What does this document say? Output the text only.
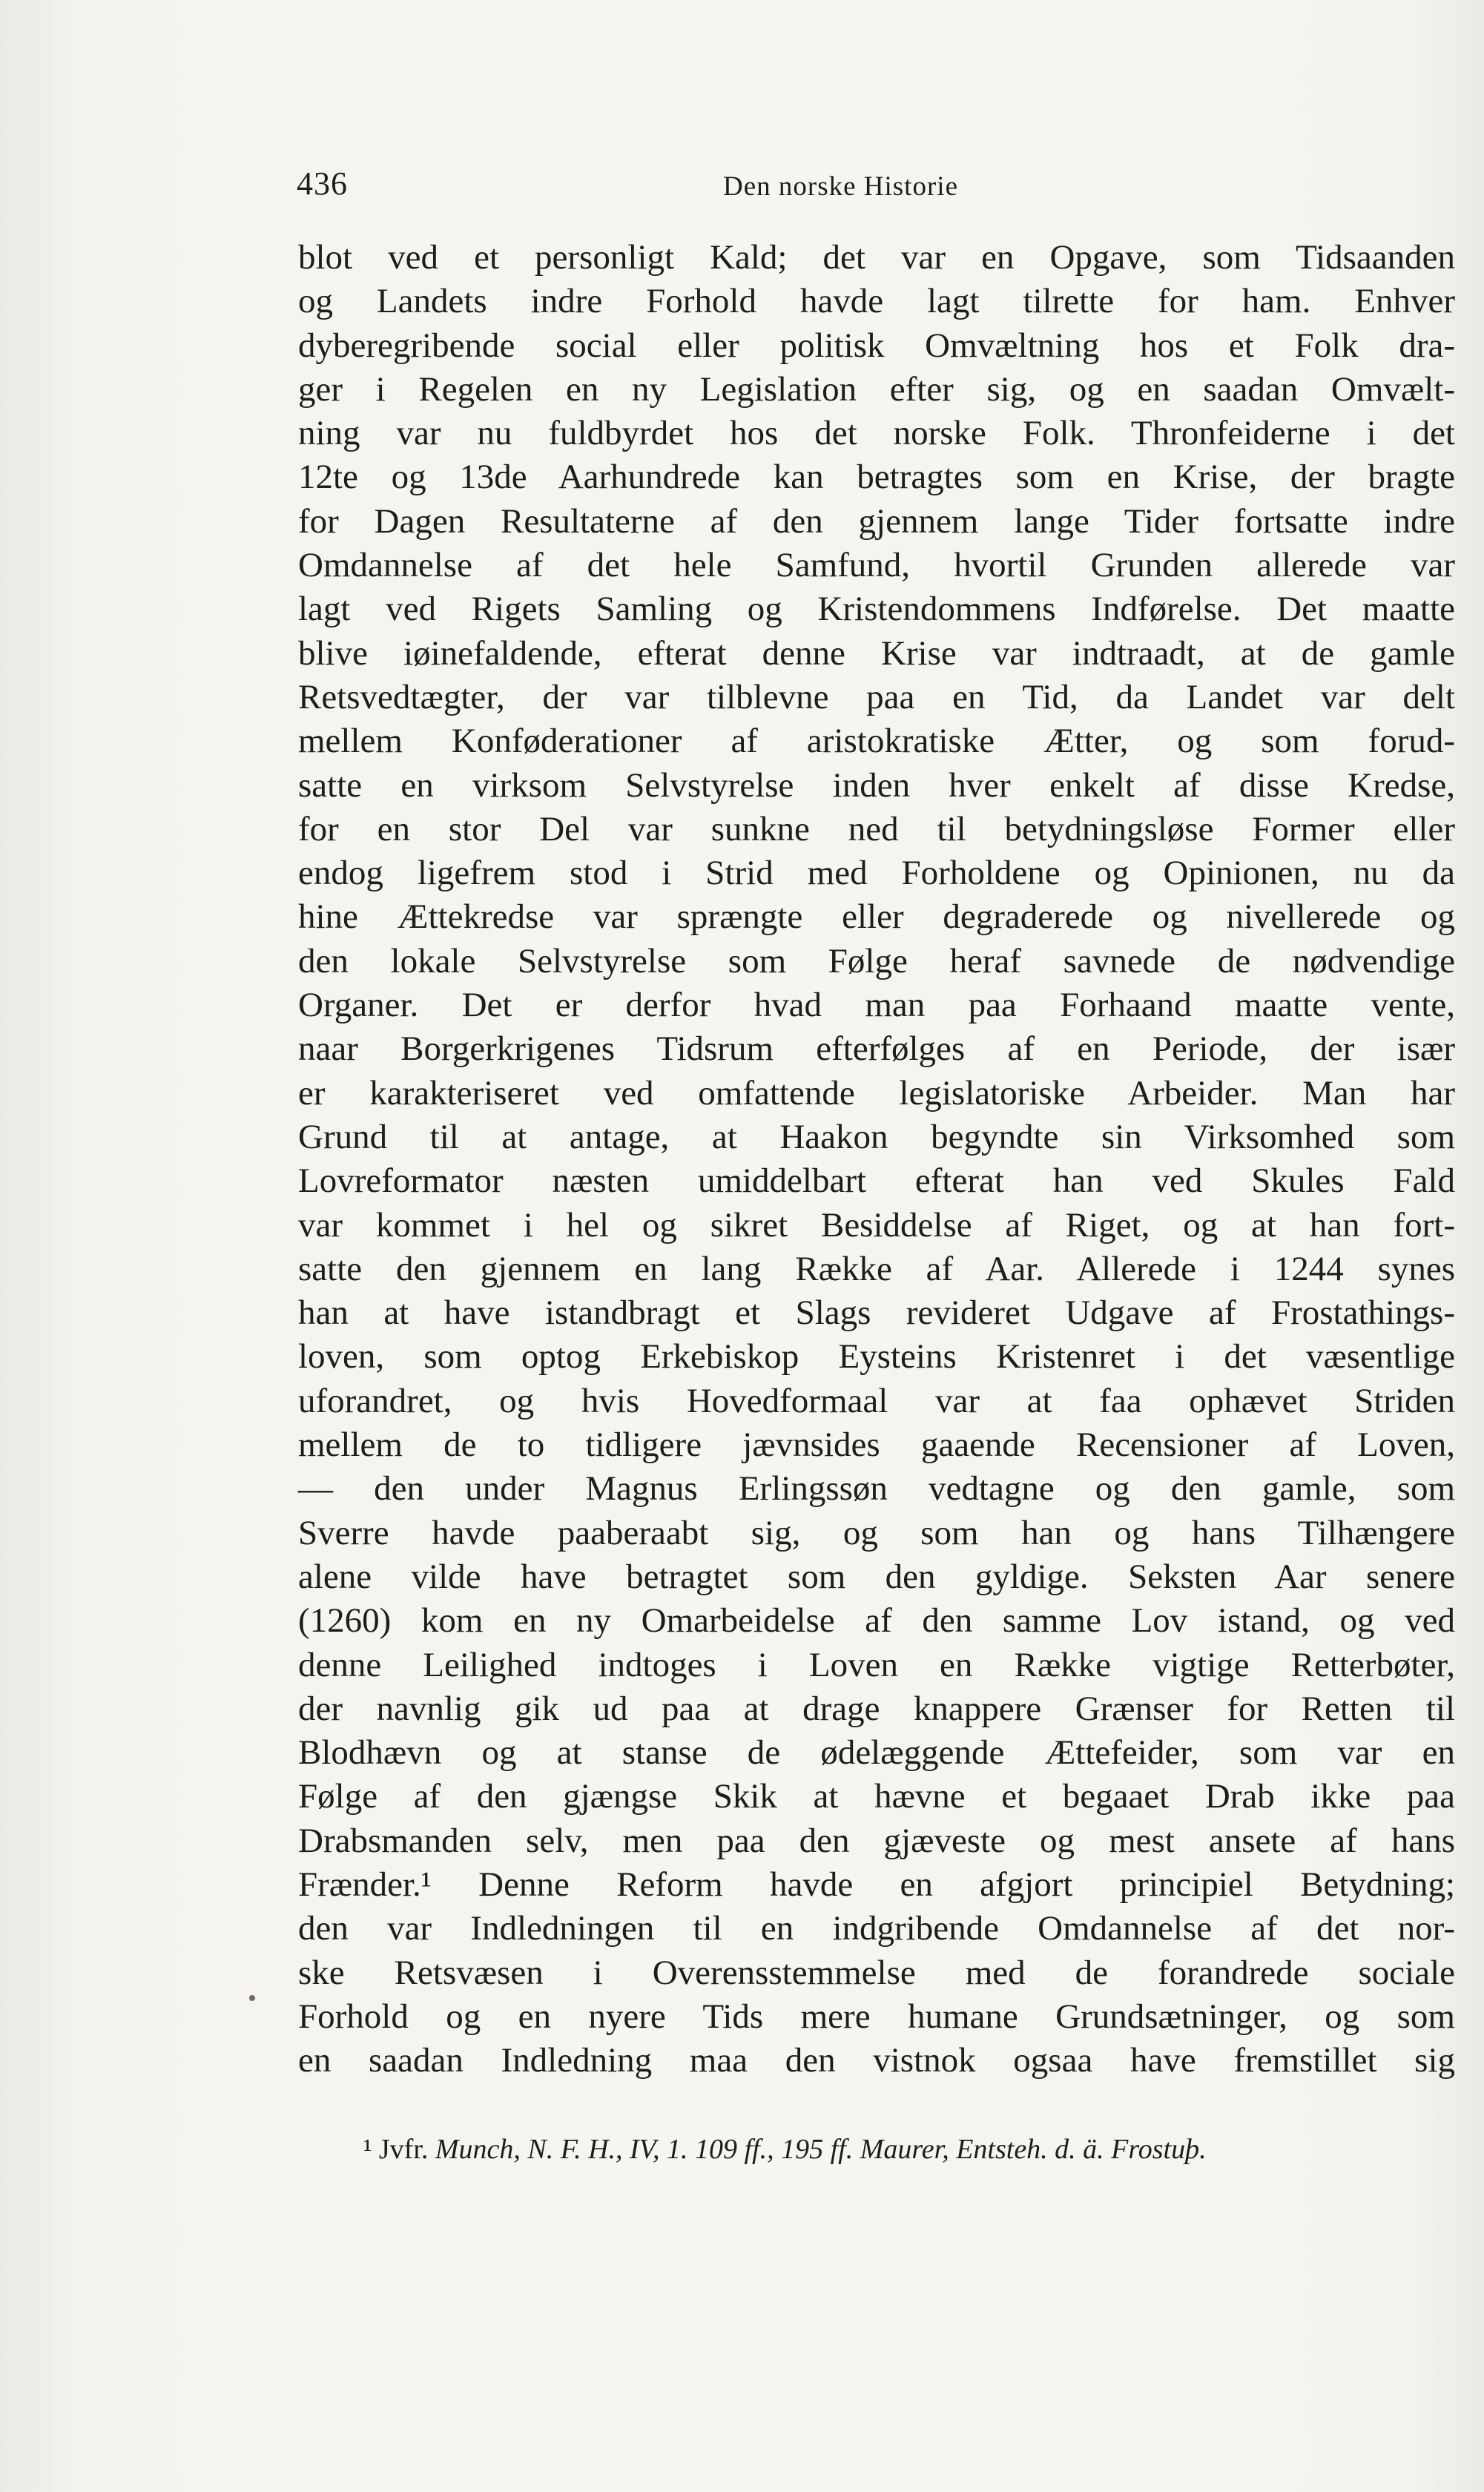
436	Den norske Historie
blot ved et personligt Kald; det var en Opgave, som Tidsaanden
og Landets indre Forhold havde lagt tilrette for ham. Enhver
dyberegribende social eller politisk Omvæltning hos et Folk dra-
ger i Regelen en ny Legislation efter sig, og en saadan Omvælt-
ning var nu fuldbyrdet hos det norske Folk. Thronfeiderne i det
12te og 13de Aarhundrede kan betragtes som en Krise, der bragte
for Dagen Resultaterne af den gjennem lange Tider fortsatte indre
Omdannelse af det hele Samfund, hvortil Grunden allerede var
lagt ved Rigets Samling og Kristendommens Indførelse. Det maatte
blive iøinefaldende, efterat denne Krise var indtraadt, at de gamle
Retsvedtægter, der var tilblevne paa en Tid, da Landet var delt
mellem Konføderationer af aristokratiske Ætter, og som forud-
satte en virksom Selvstyrelse inden hver enkelt af disse Kredse,
for en stor Del var sunkne ned til betydningsløse Former eller
endog ligefrem stod i Strid med Forholdene og Opinionen, nu da
hine Ættekredse var sprængte eller degraderede og nivellerede og
den lokale Selvstyrelse som Følge heraf savnede de nødvendige
Organer. Det er derfor hvad man paa Forhaand maatte vente,
naar Borgerkrigenes Tidsrum efterfølges af en Periode, der især
er karakteriseret ved omfattende legislatoriske Arbeider. Man har
Grund til at antage, at Haakon begyndte sin Virksomhed som
Lovreformator næsten umiddelbart efterat han ved Skules Fald
var kommet i hel og sikret Besiddelse af Riget, og at han fort-
satte den gjennem en lang Række af Aar. Allerede i 1244 synes
han at have istandbragt et Slags revideret Udgave af Frostathings-
loven, som optog Erkebiskop Eysteins Kristenret i det væsentlige
uforandret, og hvis Hovedformaal var at faa ophævet Striden
mellem de to tidligere jævnsides gaaende Recensioner af Loven,
— den under Magnus Erlingssøn vedtagne og den gamle, som
Sverre havde paaberaabt sig, og som han og hans Tilhængere
alene vilde have betragtet som den gyldige. Seksten Aar senere
(1260) kom en ny Omarbeidelse af den samme Lov istand, og ved
denne Leilighed indtoges i Loven en Række vigtige Retterbøter,
der navnlig gik ud paa at drage knappere Grænser for Retten til
Blodhævn og at stanse de ødelæggende Ættefeider, som var en
Følge af den gjængse Skik at hævne et begaaet Drab ikke paa
Drabsmanden selv, men paa den gjæveste og mest ansete af hans
Frænder.¹ Denne Reform havde en afgjort principiel Betydning;
den var Indledningen til en indgribende Omdannelse af det nor-
ske Retsvæsen i Overensstemmelse med de forandrede sociale
Forhold og en nyere Tids mere humane Grundsætninger, og som
en saadan Indledning maa den vistnok ogsaa have fremstillet sig
¹ Jvfr. Munch, N. F. H., IV, 1. 109 ff., 195 ff. Maurer, Entsteh. d. ä. Frostuþ.
